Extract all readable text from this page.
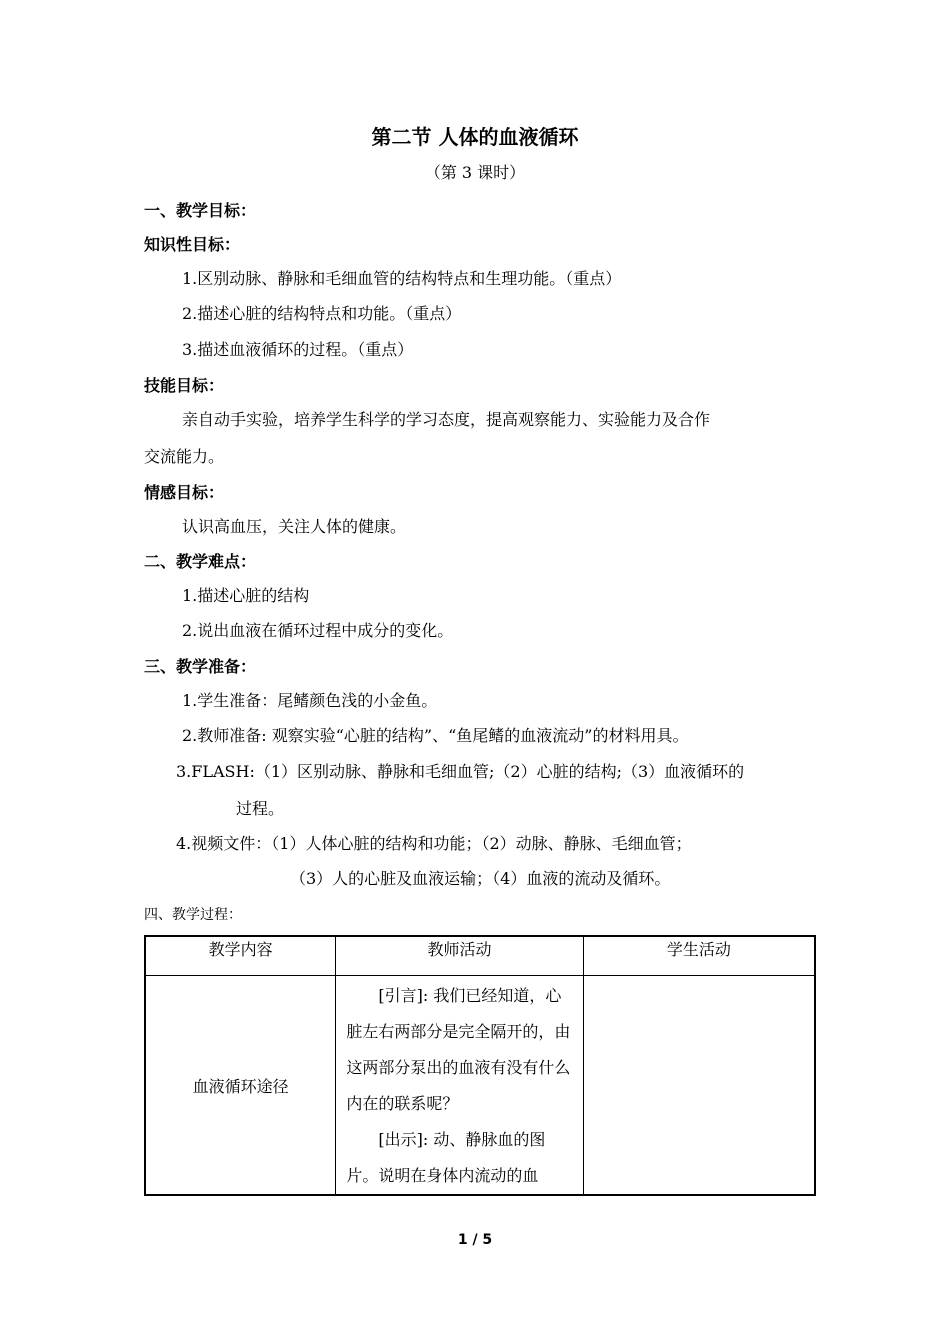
第二节 人体的血液循环
（第 3 课时）
一、教学目标：
知识性目标：
1.区别动脉、静脉和毛细血管的结构特点和生理功能。（重点）
2.描述心脏的结构特点和功能。（重点）
3.描述血液循环的过程。（重点）
技能目标：
亲自动手实验，培养学生科学的学习态度，提高观察能力、实验能力及合作
交流能力。
情感目标：
认识高血压，关注人体的健康。
二、教学难点：
1.描述心脏的结构
2.说出血液在循环过程中成分的变化。
三、教学准备：
1.学生准备：尾鳍颜色浅的小金鱼。
2.教师准备: 观察实验“心脏的结构”、“鱼尾鳍的血液流动”的材料用具。
3.FLASH:（1）区别动脉、静脉和毛细血管;（2）心脏的结构;（3）血液循环的
过程。
4.视频文件：（1）人体心脏的结构和功能；（2）动脉、静脉、毛细血管；
（3）人的心脏及血液运输；（4）血液的流动及循环。
四、教学过程：
教学内容	教师活动	学生活动
血液循环途径	[引言]: 我们已经知道，心脏左右两部分是完全隔开的，由这两部分泵出的血液有没有什么内在的联系呢？

[出示]: 动、静脉血的图片。说明在身体内流动的血	

1 / 5
